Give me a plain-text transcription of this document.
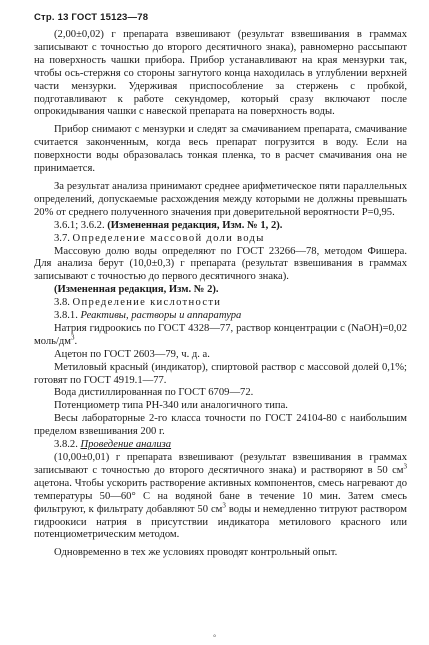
Стр. 13 ГОСТ 15123—78

(2,00±0,02) г препарата взвешивают (результат взвешивания в граммах записывают с точностью до второго десятичного знака), равномерно рассыпают на поверхность чашки прибора. Прибор устанавливают на края мензурки так, чтобы ось-стержня со стороны загнутого конца находилась в углублении верхней части мензурки. Удерживая приспособление за стержень с пробкой, подготавливают к работе секундомер, который сразу включают после опрокидывания чашки с навеской препарата на поверхность воды.

Прибор снимают с мензурки и следят за смачиванием препарата, смачивание считается законченным, когда весь препарат погрузится в воду. Если на поверхности воды образовалась тонкая пленка, то в расчет смачивания она не принимается.

За результат анализа принимают среднее арифметическое пяти параллельных определений, допускаемые расхождения между которыми не должны превышать 20% от среднего полученного значения при доверительной вероятности P=0,95.

3.6.1; 3.6.2. (Измененная редакция, Изм. № 1, 2).

3.7. Определение массовой доли воды

Массовую долю воды определяют по ГОСТ 23266—78, методом Фишера. Для анализа берут (10,0±0,3) г препарата (результат взвешивания в граммах записывают с точностью до первого десятичного знака).

(Измененная редакция, Изм. № 2).

3.8. Определение кислотности

3.8.1. Реактивы, растворы и аппаратура

Натрия гидроокись по ГОСТ 4328—77, раствор концентрации c (NaOH)=0,02 моль/$дм^3$.

Ацетон по ГОСТ 2603—79, ч. д. а.

Метиловый красный (индикатор), спиртовой раствор с массовой долей 0,1%; готовят по ГОСТ 4919.1—77.

Вода дистиллированная по ГОСТ 6709—72.

Потенциометр типа РН-340 или аналогичного типа.

Весы лабораторные 2-го класса точности по ГОСТ 24104-80 с наибольшим пределом взвешивания 200 г.

3.8.2. Проведение анализа

(10,00±0,01) г препарата взвешивают (результат взвешивания в граммах записывают с точностью до второго десятичного знака) и растворяют в 50 $см^3$ ацетона. Чтобы ускорить растворение активных компонентов, смесь нагревают до температуры 50—60° С на водяной бане в течение 10 мин. Затем смесь фильтруют, к фильтрату добавляют 50 $см^3$ воды и немедленно титруют раствором гидроокиси натрия в присутствии индикатора метилового красного или потенциометрическим методом.

Одновременно в тех же условиях проводят контрольный опыт.

°
